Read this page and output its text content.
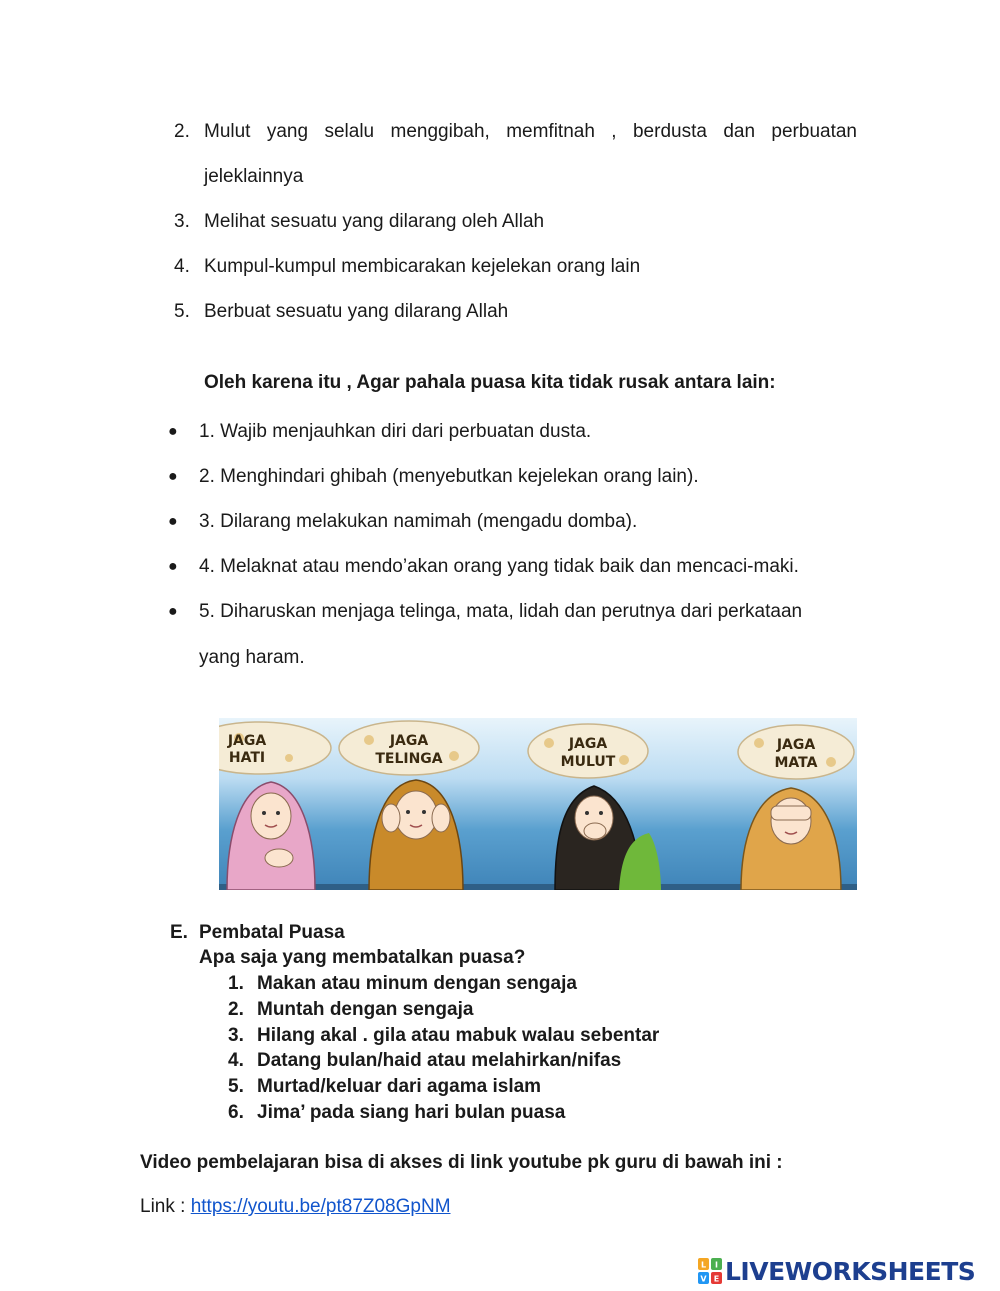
2. Mulut yang selalu menggibah, memfitnah , berdusta dan perbuatan
jeleklainnya
3. Melihat sesuatu yang dilarang oleh Allah
4. Kumpul-kumpul membicarakan kejelekan orang lain
5. Berbuat sesuatu yang dilarang Allah
Oleh karena itu , Agar pahala puasa kita tidak rusak antara lain:
● 1. Wajib menjauhkan diri dari perbuatan dusta.
● 2. Menghindari ghibah (menyebutkan kejelekan orang lain).
● 3. Dilarang melakukan namimah (mengadu domba).
● 4. Melaknat atau mendo’akan orang yang tidak baik dan mencaci-maki.
● 5. Diharuskan menjaga telinga, mata, lidah dan perutnya dari perkataan
yang haram.
JAGA
HATI
JAGA
TELINGA
JAGA
MULUT
JAGA
MATA
E. Pembatal Puasa
Apa saja yang membatalkan puasa?
1. Makan atau minum dengan sengaja
2. Muntah dengan sengaja
3. Hilang akal . gila atau mabuk walau sebentar
4. Datang bulan/haid atau melahirkan/nifas
5. Murtad/keluar dari agama islam
6. Jima’ pada siang hari bulan puasa
Video pembelajaran bisa di akses di link youtube pk guru di bawah ini :
Link : https://youtu.be/pt87Z08GpNM
L I
V E LIVEWORKSHEETS
